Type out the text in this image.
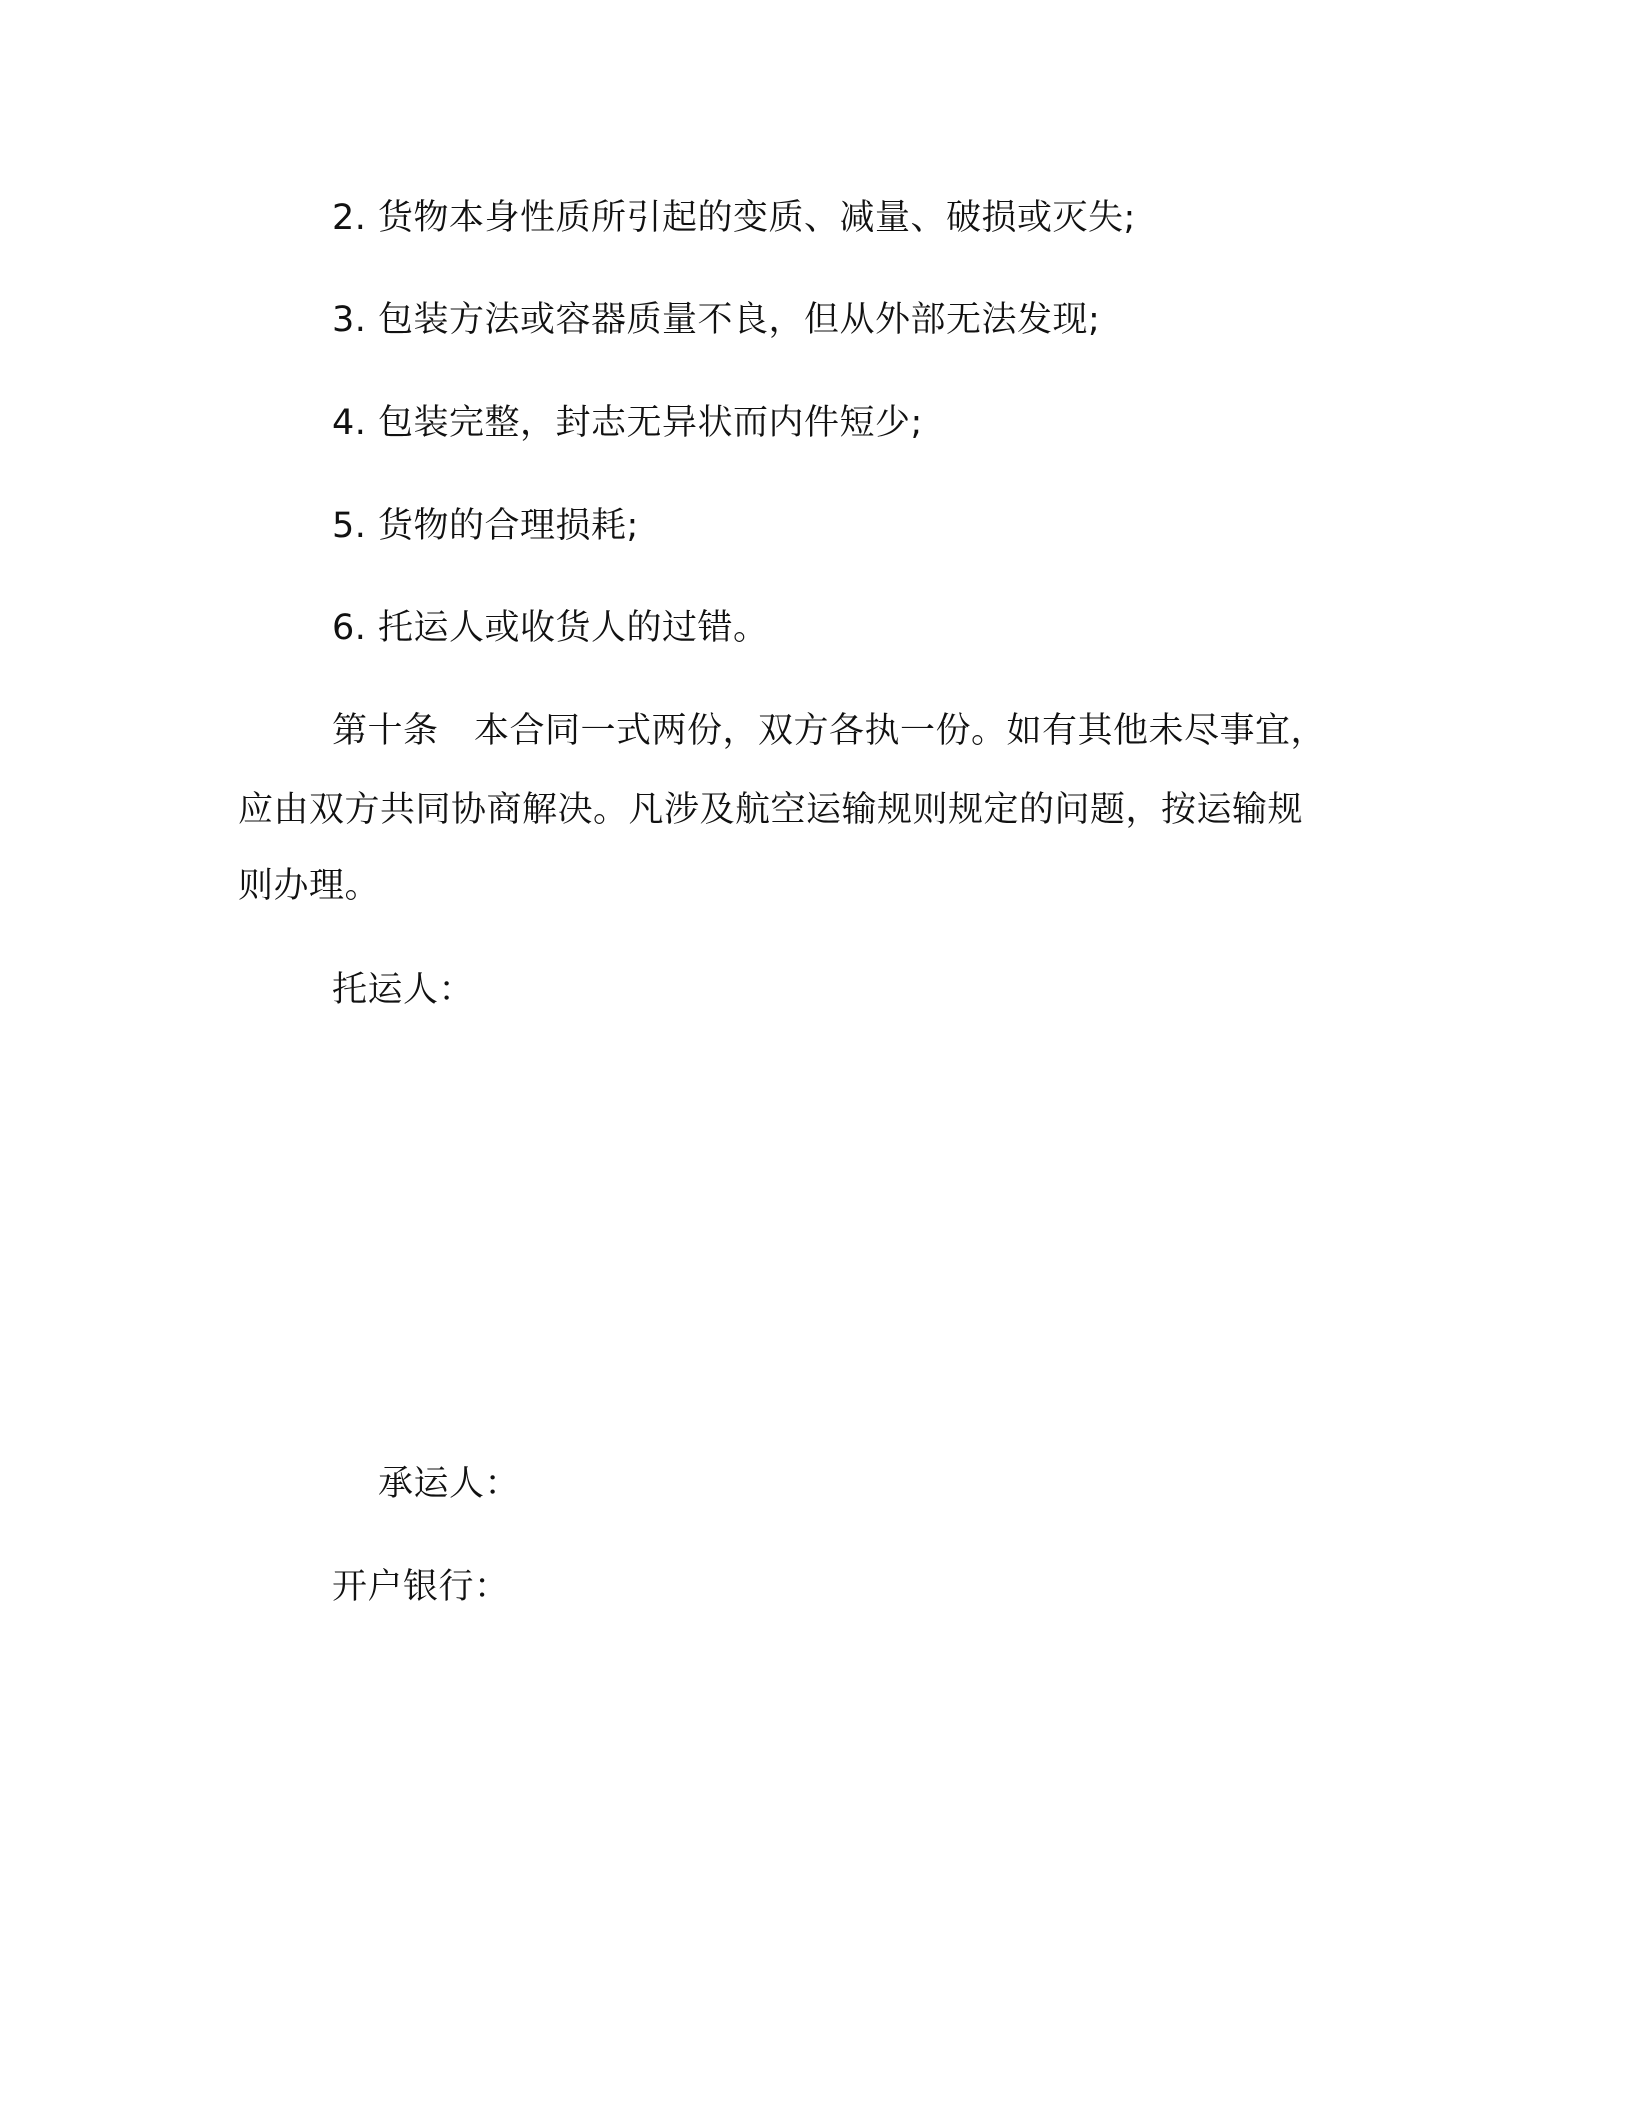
2. 货物本身性质所引起的变质、减量、破损或灭失;
3. 包装方法或容器质量不良，但从外部无法发现;
4. 包装完整，封志无异状而内件短少;
5. 货物的合理损耗;
6. 托运人或收货人的过错。
第十条　本合同一式两份，双方各执一份。如有其他未尽事宜，
应由双方共同协商解决。凡涉及航空运输规则规定的问题，按运输规
则办理。
托运人：
承运人：
开户银行：
